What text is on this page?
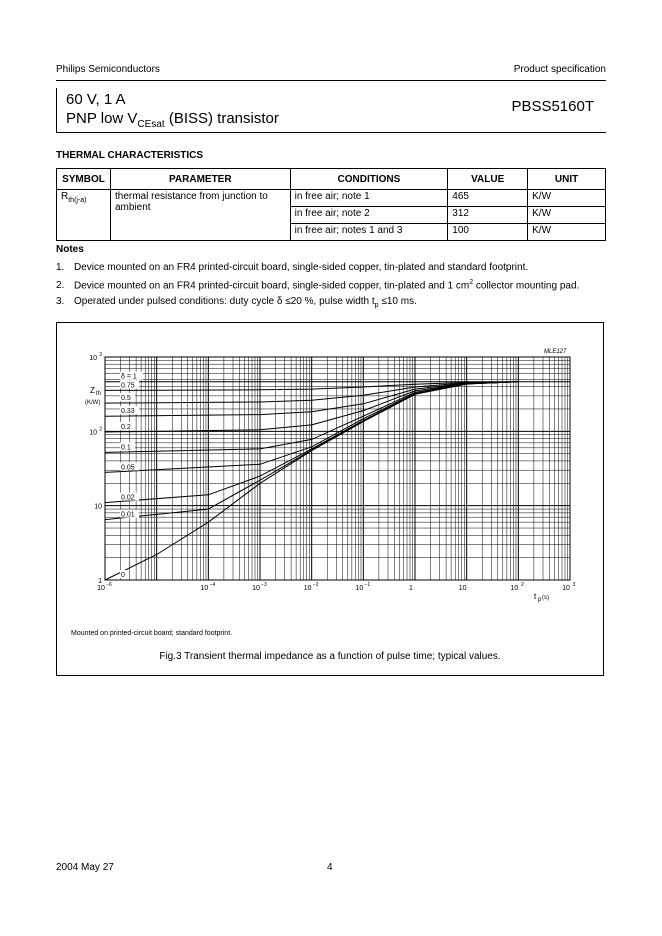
Philips Semiconductors	Product specification
60 V, 1 A
PNP low $V_{CEsat}$ (BISS) transistor
PBSS5160T
THERMAL CHARACTERISTICS
SYMBOL	PARAMETER	CONDITIONS	VALUE	UNIT
$R_{th(j-a)}$	thermal resistance from junction to ambient	in free air; note 1	465	K/W
		in free air; note 2	312	K/W
		in free air; notes 1 and 3	100	K/W
Notes
1. Device mounted on an FR4 printed-circuit board, single-sided copper, tin-plated and standard footprint.
2. Device mounted on an FR4 printed-circuit board, single-sided copper, tin-plated and 1 $cm^2$ collector mounting pad.
3. Operated under pulsed conditions: duty cycle δ ≤20 %, pulse width $t_p \le 10$ ms.
10 −6	10 −4	10 −3	10 −2	10 −1	1	10	10 2	10 3
1
10
10 2
10 3
Z th
(K/W)
t p (s)
δ = 1
0.75
0.5
0.33
0.2
0.1
0.05
0.02
0.01
0
MLE127
Mounted on printed-circuit board; standard footprint.
Fig.3 Transient thermal impedance as a function of pulse time; typical values.
2004 May 27	4
